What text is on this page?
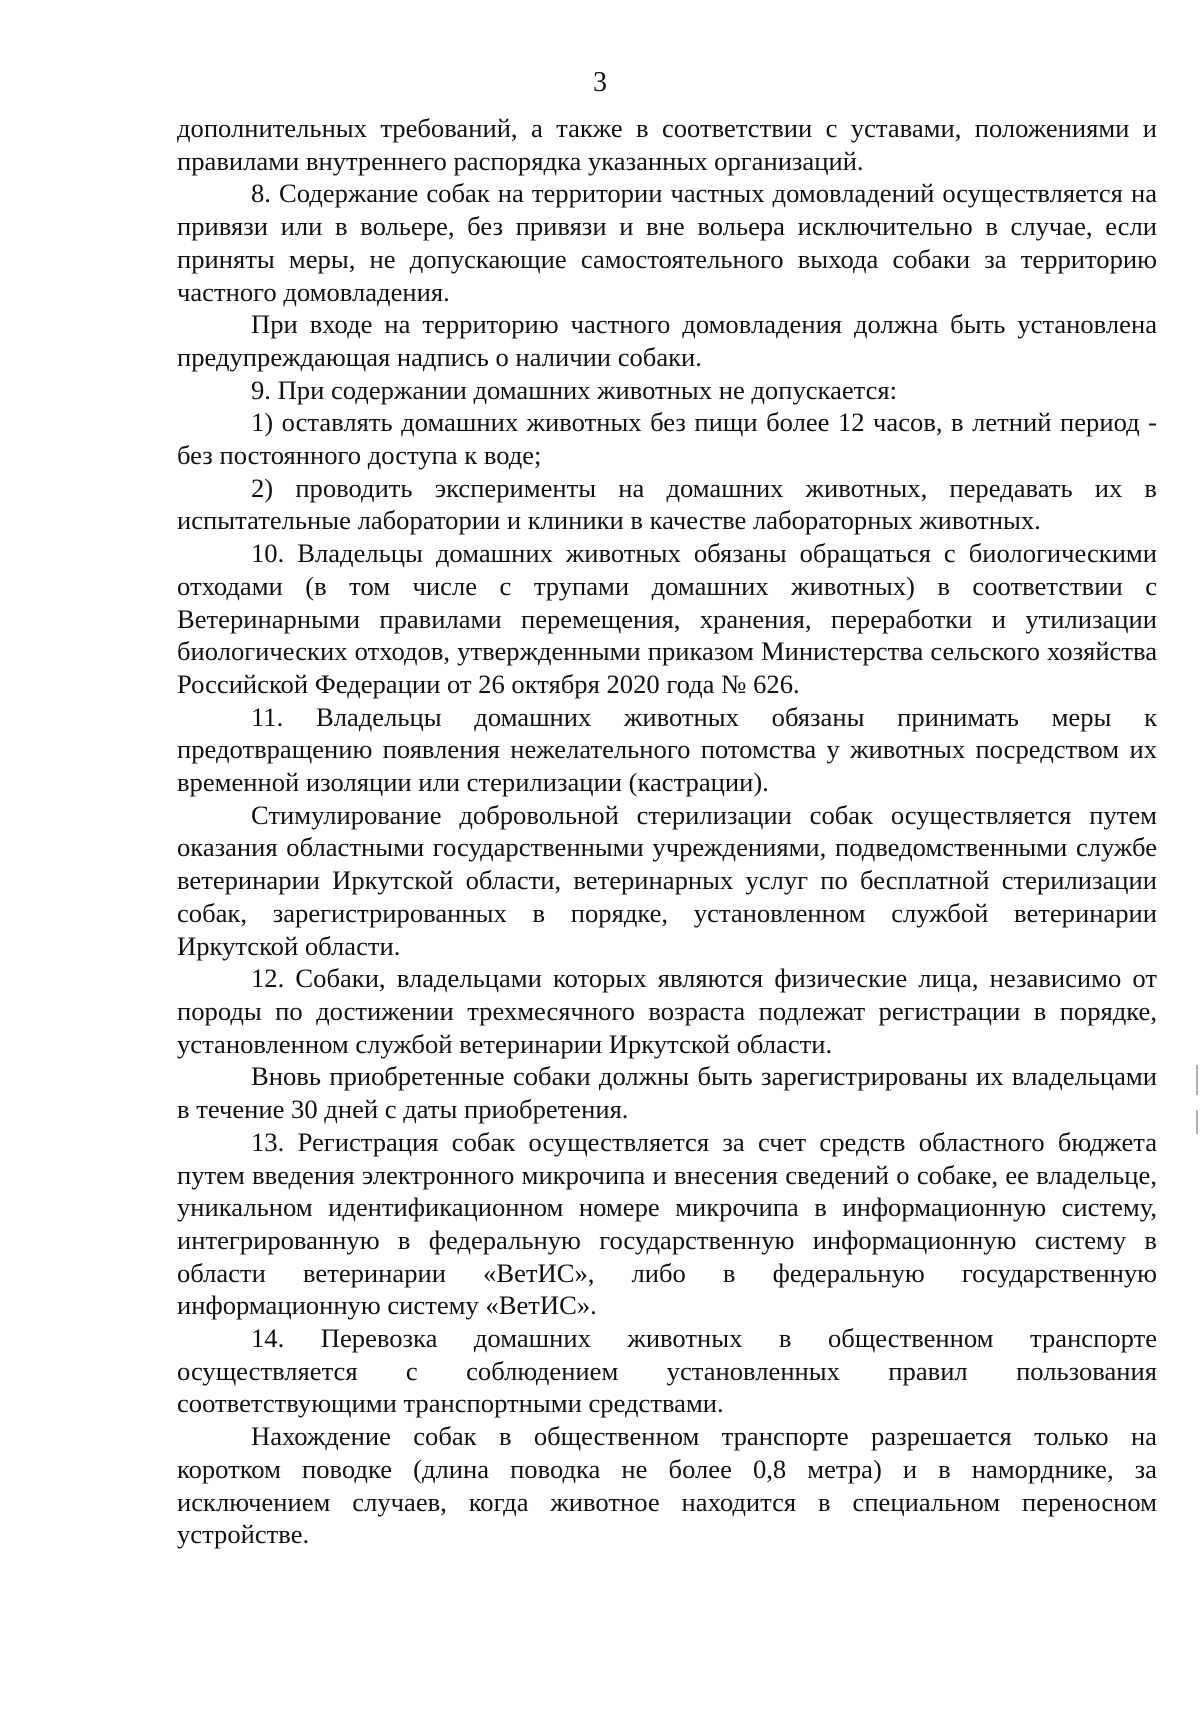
3

дополнительных требований, а также в соответствии с уставами, положениями и правилами внутреннего распорядка указанных организаций.

8. Содержание собак на территории частных домовладений осуществляется на привязи или в вольере, без привязи и вне вольера исключительно в случае, если приняты меры, не допускающие самостоятельного выхода собаки за территорию частного домовладения.

При входе на территорию частного домовладения должна быть установлена предупреждающая надпись о наличии собаки.

9. При содержании домашних животных не допускается:

1) оставлять домашних животных без пищи более 12 часов, в летний период - без постоянного доступа к воде;

2) проводить эксперименты на домашних животных, передавать их в испытательные лаборатории и клиники в качестве лабораторных животных.

10. Владельцы домашних животных обязаны обращаться с биологическими отходами (в том числе с трупами домашних животных) в соответствии с Ветеринарными правилами перемещения, хранения, переработки и утилизации биологических отходов, утвержденными приказом Министерства сельского хозяйства Российской Федерации от 26 октября 2020 года № 626.

11. Владельцы домашних животных обязаны принимать меры к предотвращению появления нежелательного потомства у животных посредством их временной изоляции или стерилизации (кастрации).

Стимулирование добровольной стерилизации собак осуществляется путем оказания областными государственными учреждениями, подведомственными службе ветеринарии Иркутской области, ветеринарных услуг по бесплатной стерилизации собак, зарегистрированных в порядке, установленном службой ветеринарии Иркутской области.

12. Собаки, владельцами которых являются физические лица, независимо от породы по достижении трехмесячного возраста подлежат регистрации в порядке, установленном службой ветеринарии Иркутской области.

Вновь приобретенные собаки должны быть зарегистрированы их владельцами в течение 30 дней с даты приобретения.

13. Регистрация собак осуществляется за счет средств областного бюджета путем введения электронного микрочипа и внесения сведений о собаке, ее владельце, уникальном идентификационном номере микрочипа в информационную систему, интегрированную в федеральную государственную информационную систему в области ветеринарии «ВетИС», либо в федеральную государственную информационную систему «ВетИС».

14. Перевозка домашних животных в общественном транспорте осуществляется с соблюдением установленных правил пользования соответствующими транспортными средствами.

Нахождение собак в общественном транспорте разрешается только на коротком поводке (длина поводка не более 0,8 метра) и в наморднике, за исключением случаев, когда животное находится в специальном переносном устройстве.
